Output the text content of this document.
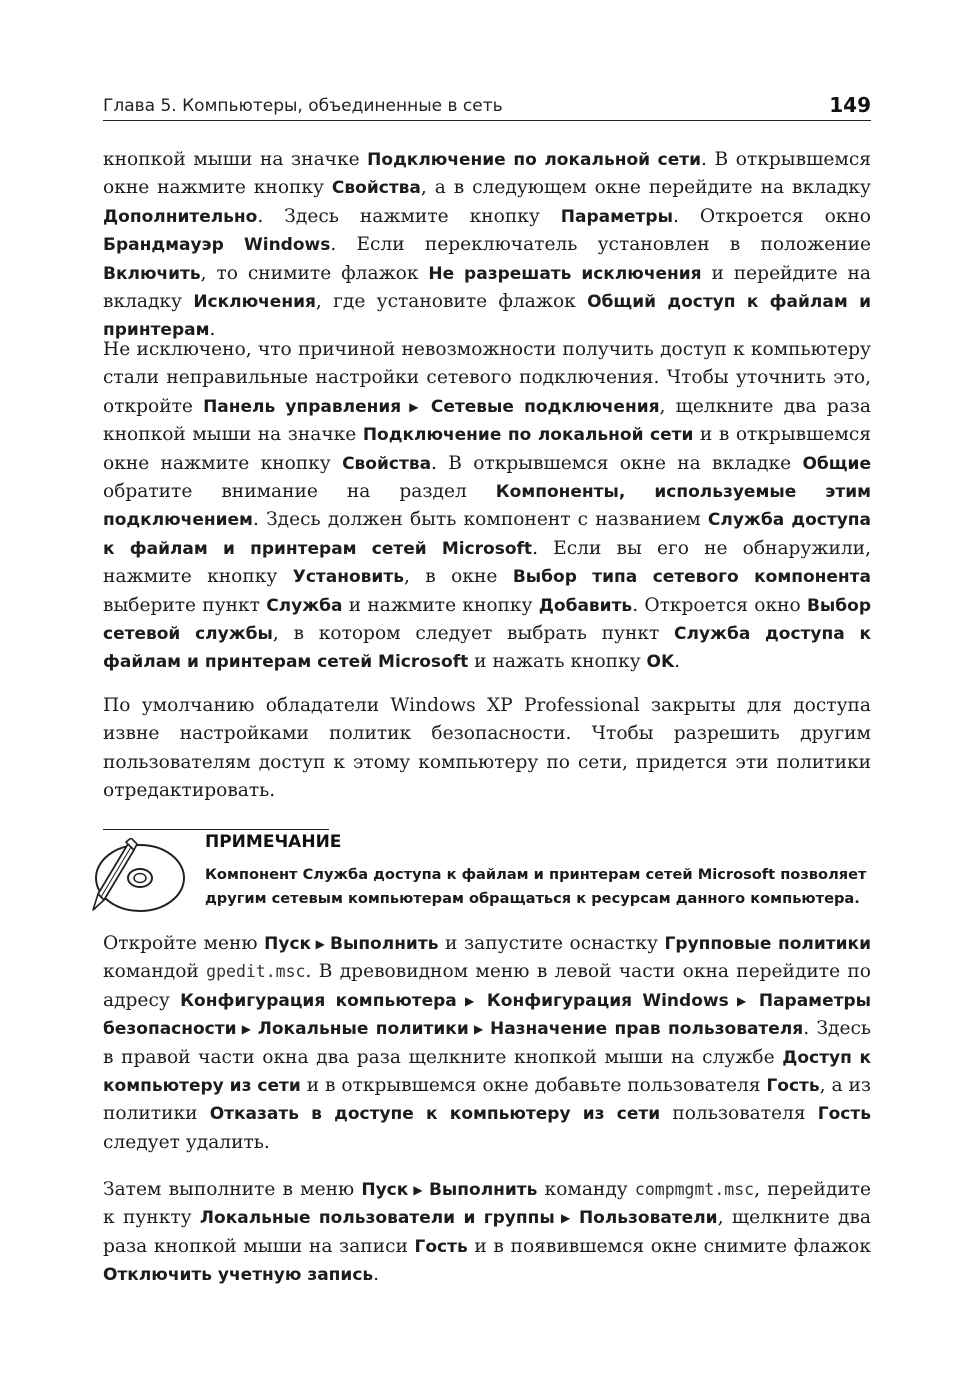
Глава 5. Компьютеры, объединенные в сеть	149

кнопкой мыши на значке Подключение по локальной сети. В открывшемся окне нажмите кнопку Свойства, а в следующем окне перейдите на вкладку Дополнительно. Здесь нажмите кнопку Параметры. Откроется окно Брандмауэр Windows. Если переключатель установлен в положение Включить, то снимите флажок Не разрешать исключения и перейдите на вкладку Исключения, где установите флажок Общий доступ к файлам и принтерам.

Не исключено, что причиной невозможности получить доступ к компьютеру стали неправильные настройки сетевого подключения. Чтобы уточнить это, откройте Панель управления ▶ Сетевые подключения, щелкните два раза кнопкой мыши на значке Подключение по локальной сети и в открывшемся окне нажмите кнопку Свойства. В открывшемся окне на вкладке Общие обратите внимание на раздел Компоненты, используемые этим подключением. Здесь должен быть компонент с названием Служба доступа к файлам и принтерам сетей Microsoft. Если вы его не обнаружили, нажмите кнопку Установить, в окне Выбор типа сетевого компонента выберите пункт Служба и нажмите кнопку Добавить. Откроется окно Выбор сетевой службы, в котором следует выбрать пункт Служба доступа к файлам и принтерам сетей Microsoft и нажать кнопку OK.

По умолчанию обладатели Windows XP Professional закрыты для доступа извне настройками политик безопасности. Чтобы разрешить другим пользователям доступ к этому компьютеру по сети, придется эти политики отредактировать.

ПРИМЕЧАНИЕ
Компонент Служба доступа к файлам и принтерам сетей Microsoft позволяет другим сетевым компьютерам обращаться к ресурсам данного компьютера.

Откройте меню Пуск ▶ Выполнить и запустите оснастку Групповые политики командой gpedit.msc. В древовидном меню в левой части окна перейдите по адресу Конфигурация компьютера ▶ Конфигурация Windows ▶ Параметры безопасности ▶ Локальные политики ▶ Назначение прав пользователя. Здесь в правой части окна два раза щелкните кнопкой мыши на службе Доступ к компьютеру из сети и в открывшемся окне добавьте пользователя Гость, а из политики Отказать в доступе к компьютеру из сети пользователя Гость следует удалить.

Затем выполните в меню Пуск ▶ Выполнить команду compmgmt.msc, перейдите к пункту Локальные пользователи и группы ▶ Пользователи, щелкните два раза кнопкой мыши на записи Гость и в появившемся окне снимите флажок Отключить учетную запись.
